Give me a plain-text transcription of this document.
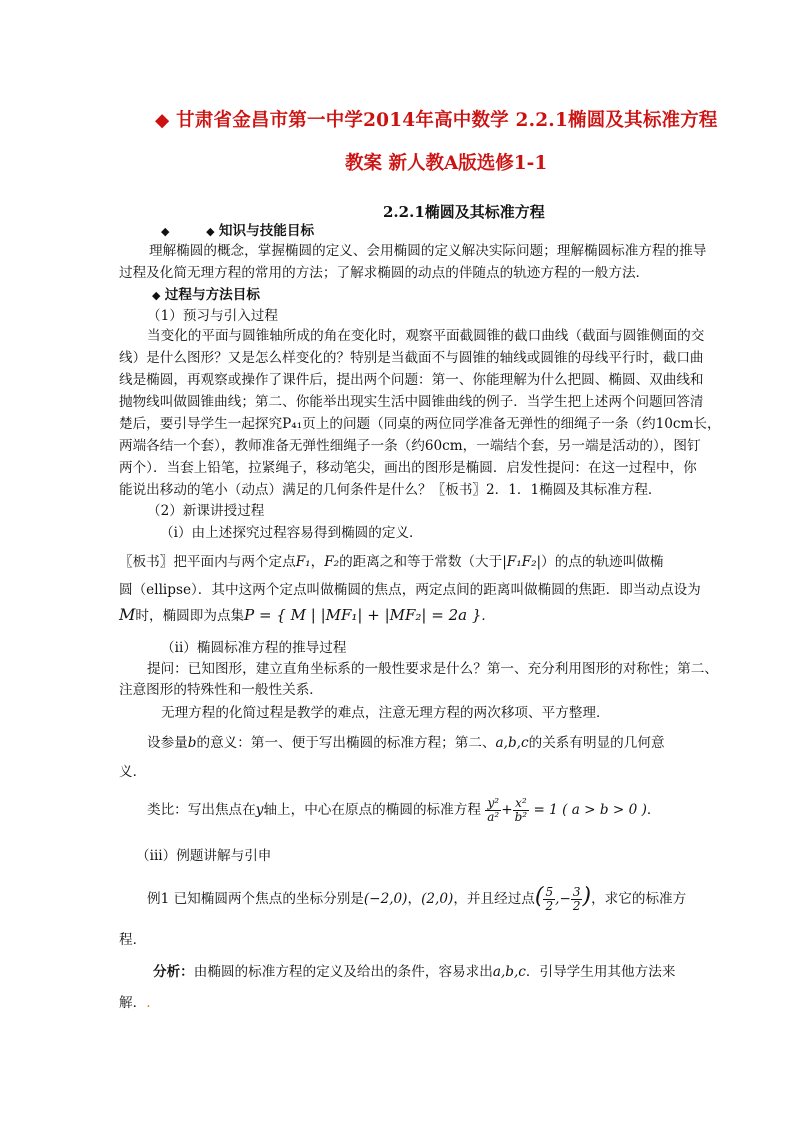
◆ 甘肃省金昌市第一中学2014年高中数学 2.2.1椭圆及其标准方程
教案 新人教A版选修1-1
2.2.1椭圆及其标准方程
◆	◆ 知识与技能目标
理解椭圆的概念，掌握椭圆的定义、会用椭圆的定义解决实际问题；理解椭圆标准方程的推导
过程及化简无理方程的常用的方法；了解求椭圆的动点的伴随点的轨迹方程的一般方法．
◆ 过程与方法目标
（1）预习与引入过程
当变化的平面与圆锥轴所成的角在变化时，观察平面截圆锥的截口曲线（截面与圆锥侧面的交
线）是什么图形？又是怎么样变化的？特别是当截面不与圆锥的轴线或圆锥的母线平行时，截口曲
线是椭圆，再观察或操作了课件后，提出两个问题：第一、你能理解为什么把圆、椭圆、双曲线和
抛物线叫做圆锥曲线；第二、你能举出现实生活中圆锥曲线的例子．当学生把上述两个问题回答清
楚后，要引导学生一起探究P₄₁页上的问题（同桌的两位同学准备无弹性的细绳子一条（约10cm长，
两端各结一个套），教师准备无弹性细绳子一条（约60cm，一端结个套，另一端是活动的），图钉
两个）．当套上铅笔，拉紧绳子，移动笔尖，画出的图形是椭圆．启发性提问：在这一过程中，你
能说出移动的笔小（动点）满足的几何条件是什么？〖板书〗2．1．1椭圆及其标准方程．
（2）新课讲授过程
（i）由上述探究过程容易得到椭圆的定义．
〖板书〗把平面内与两个定点F₁，F₂的距离之和等于常数（大于|F₁F₂|）的点的轨迹叫做椭
圆（ellipse）．其中这两个定点叫做椭圆的焦点，两定点间的距离叫做椭圆的焦距．即当动点设为
M时，椭圆即为点集P = { M | |MF₁| + |MF₂| = 2a }．
（ii）椭圆标准方程的推导过程
提问：已知图形，建立直角坐标系的一般性要求是什么？第一、充分利用图形的对称性；第二、
注意图形的特殊性和一般性关系．
无理方程的化简过程是教学的难点，注意无理方程的两次移项、平方整理．
设参量b的意义：第一、便于写出椭圆的标准方程；第二、a,b,c的关系有明显的几何意
义．
类比：写出焦点在y轴上，中心在原点的椭圆的标准方程 $\frac{\text{y²}}{\text{a²}} + \frac{\text{x²}}{\text{b²}} = 1$ ( a > b > 0 )．
（iii）例题讲解与引申
例1 已知椭圆两个焦点的坐标分别是(−2,0)，(2,0)，并且经过点( $\frac{5}{2}$ ,− $\frac{3}{2}$ )，求它的标准方
程．
分析：由椭圆的标准方程的定义及给出的条件，容易求出a,b,c．引导学生用其他方法来
解．.
